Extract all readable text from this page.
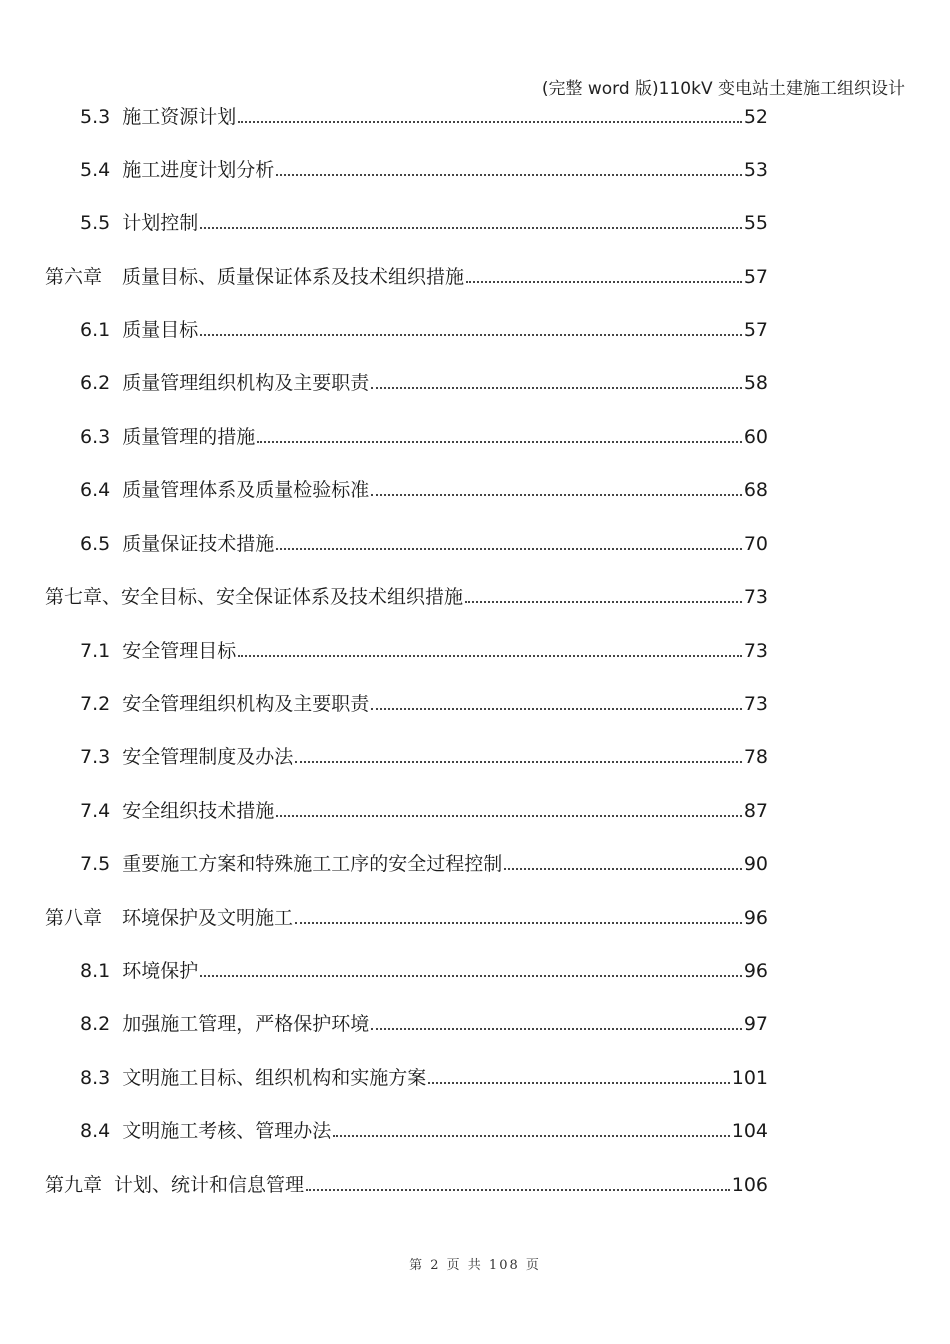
(完整 word 版)110kV 变电站土建施工组织设计
5.3 施工资源计划	52
5.4 施工进度计划分析	53
5.5 计划控制	55
第六章 质量目标、质量保证体系及技术组织措施	57
6.1 质量目标	57
6.2 质量管理组织机构及主要职责	58
6.3 质量管理的措施	60
6.4 质量管理体系及质量检验标准	68
6.5 质量保证技术措施	70
第七章、 安全目标、安全保证体系及技术组织措施	73
7.1 安全管理目标	73
7.2 安全管理组织机构及主要职责	73
7.3 安全管理制度及办法	78
7.4 安全组织技术措施	87
7.5 重要施工方案和特殊施工工序的安全过程控制	90
第八章 环境保护及文明施工	96
8.1 环境保护	96
8.2 加强施工管理，严格保护环境	97
8.3 文明施工目标、组织机构和实施方案	101
8.4 文明施工考核、管理办法	104
第九章 计划、统计和信息管理	106
第 2 页 共 108 页
